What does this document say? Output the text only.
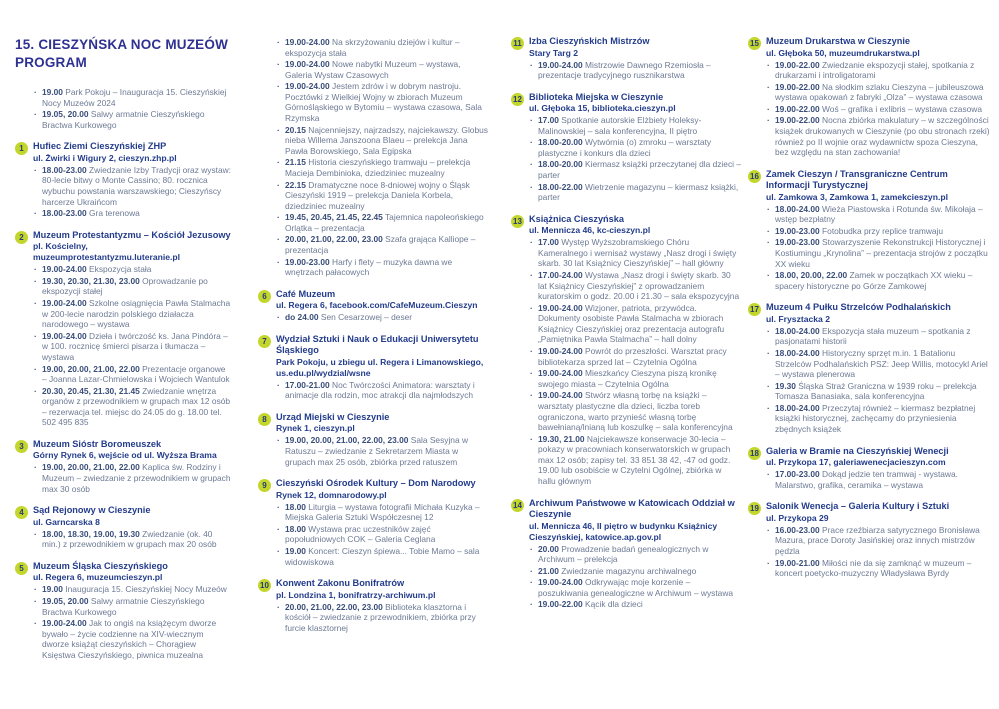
15. CIESZYŃSKA NOC MUZEÓW
PROGRAM
· 19.00 Park Pokoju – Inauguracja 15. Cieszyńskiej Nocy Muzeów 2024
· 19.05, 20.00 Salwy armatnie Cieszyńskiego Bractwa Kurkowego
1	Hufiec Ziemi Cieszyńskiej ZHP
ul. Żwirki i Wigury 2, cieszyn.zhp.pl
· 18.00-23.00 Zwiedzanie Izby Tradycji oraz wystaw: 80-lecie bitwy o Monte Cassino; 80. rocznica wybuchu powstania warszawskiego; Cieszyńscy harcerze Ukraińcom
· 18.00-23.00 Gra terenowa
2	Muzeum Protestantyzmu – Kościół Jezusowy
pl. Kościelny, muzeumprotestantyzmu.luteranie.pl
· 19.00-24.00 Ekspozycja stała
· 19.30, 20.30, 21.30, 23.00 Oprowadzanie po ekspozycji stałej
· 19.00-24.00 Szkolne osiągnięcia Pawła Stalmacha w 200-lecie narodzin polskiego działacza narodowego – wystawa
· 19.00-24.00 Dzieła i twórczość ks. Jana Pindóra – w 100. rocznicę śmierci pisarza i tłumacza – wystawa
· 19.00, 20.00, 21.00, 22.00 Prezentacje organowe – Joanna Lazar-Chmielowska i Wojciech Wantulok
· 20.30, 20.45, 21.30, 21.45 Zwiedzanie wnętrza organów z przewodnikiem w grupach max 12 osób – rezerwacja tel. miejsc do 24.05 do g. 18.00 tel. 502 495 835
3	Muzeum Sióstr Boromeuszek
Górny Rynek 6, wejście od ul. Wyższa Brama
· 19.00, 20.00, 21.00, 22.00 Kaplica św. Rodziny i Muzeum – zwiedzanie z przewodnikiem w grupach max 30 osób
4	Sąd Rejonowy w Cieszynie
ul. Garncarska 8
· 18.00, 18.30, 19.00, 19.30 Zwiedzanie (ok. 40 min.) z przewodnikiem w grupach max 20 osób
5	Muzeum Śląska Cieszyńskiego
ul. Regera 6, muzeumcieszyn.pl
· 19.00 Inauguracja 15. Cieszyńskiej Nocy Muzeów
· 19.05, 20.00 Salwy armatnie Cieszyńskiego Bractwa Kurkowego
· 19.00-24.00 Jak to ongiś na książęcym dworze bywało – życie codzienne na XIV-wiecznym dworze książąt cieszyńskich – Chorągiew Księstwa Cieszyńskiego, piwnica muzealna
· 19.00-24.00 Na skrzyżowaniu dziejów i kultur – ekspozycja stała
· 19.00-24.00 Nowe nabytki Muzeum – wystawa, Galeria Wystaw Czasowych
· 19.00-24.00 Jestem zdrów i w dobrym nastroju. Pocztówki z Wielkiej Wojny w zbiorach Muzeum Górnośląskiego w Bytomiu – wystawa czasowa, Sala Rzymska
· 20.15 Najcenniejszy, najrzadszy, najciekawszy. Globus nieba Willema Janszoona Blaeu – prelekcja Jana Pawła Borowskiego, Sala Egipska
· 21.15 Historia cieszyńskiego tramwaju – prelekcja Macieja Dembinioka, dziedziniec muzealny
· 22.15 Dramatyczne noce 8-dniowej wojny o Śląsk Cieszyński 1919 – prelekcja Daniela Korbela, dziedziniec muzealny
· 19.45, 20.45, 21.45, 22.45 Tajemnica napoleońskiego Orlątka – prezentacja
· 20.00, 21.00, 22.00, 23.00 Szafa grająca Kalliope – prezentacja
· 19.00-23.00 Harfy i flety – muzyka dawna we wnętrzach pałacowych
6	Café Muzeum
ul. Regera 6, facebook.com/CafeMuzeum.Cieszyn
· do 24.00 Sen Cesarzowej – deser
7	Wydział Sztuki i Nauk o Edukacji Uniwersytetu Śląskiego
Park Pokoju, u zbiegu ul. Regera i Limanowskiego, us.edu.pl/wydzial/wsne
· 17.00-21.00 Noc Twórczości Animatora: warsztaty i animacje dla rodzin, moc atrakcji dla najmłodszych
8	Urząd Miejski w Cieszynie
Rynek 1, cieszyn.pl
· 19.00, 20.00, 21.00, 22.00, 23.00 Sala Sesyjna w Ratuszu – zwiedzanie z Sekretarzem Miasta w grupach max 25 osób, zbiórka przed ratuszem
9	Cieszyński Ośrodek Kultury – Dom Narodowy
Rynek 12, domnarodowy.pl
· 18.00 Liturgia – wystawa fotografii Michała Kuzyka – Miejska Galeria Sztuki Współczesnej 12
· 18.00 Wystawa prac uczestników zajęć popołudniowych COK – Galeria Ceglana
· 19.00 Koncert: Cieszyn śpiewa... Tobie Mamo – sala widowiskowa
10 Konwent Zakonu Bonifratrów
pl. Londzina 1, bonifratrzy-archiwum.pl
· 20.00, 21.00, 22.00, 23.00 Biblioteka klasztorna i kościół – zwiedzanie z przewodnikiem, zbiórka przy furcie klasztornej
11 Izba Cieszyńskich Mistrzów
Stary Targ 2
· 19.00-24.00 Mistrzowie Dawnego Rzemiosła – prezentacje tradycyjnego rusznikarstwa
12 Biblioteka Miejska w Cieszynie
ul. Głęboka 15, biblioteka.cieszyn.pl
· 17.00 Spotkanie autorskie Elżbiety Holeksy-Malinowskiej – sala konferencyjna, II piętro
· 18.00-20.00 Wytwórnia (o) zmroku – warsztaty plastyczne i konkurs dla dzieci
· 18.00-20.00 Kiermasz książki przeczytanej dla dzieci – parter
· 18.00-22.00 Wietrzenie magazynu – kiermasz książki, parter
13 Książnica Cieszyńska
ul. Mennicza 46, kc-cieszyn.pl
· 17.00 Występ Wyższobramskiego Chóru Kameralnego i wernisaż wystawy „Nasz drogi i święty skarb. 30 lat Książnicy Cieszyńskiej” – hall główny
· 17.00-24.00 Wystawa „Nasz drogi i święty skarb. 30 lat Książnicy Cieszyńskiej” z oprowadzaniem kuratorskim o godz. 20.00 i 21.30 – sala ekspozycyjna
· 19.00-24.00 Wizjoner, patriota, przywódca. Dokumenty osobiste Pawła Stalmacha w zbiorach Książnicy Cieszyńskiej oraz prezentacja autografu „Pamiętnika Pawła Stalmacha” – hall dolny
· 19.00-24.00 Powrót do przeszłości. Warsztat pracy bibliotekarza sprzed lat – Czytelnia Ogólna
· 19.00-24.00 Mieszkańcy Cieszyna piszą kronikę swojego miasta – Czytelnia Ogólna
· 19.00-24.00 Stwórz własną torbę na książki – warsztaty plastyczne dla dzieci, liczba toreb ograniczona, warto przynieść własną torbę bawełnianą/lnianą lub koszulkę – sala konferencyjna
· 19.30, 21.00 Najciekawsze konserwacje 30-lecia – pokazy w pracowniach konserwatorskich w grupach max 12 osób; zapisy tel. 33 851 38 42, -47 od godz. 19.00 lub osobiście w Czytelni Ogólnej, zbiórka w hallu głównym
14 Archiwum Państwowe w Katowicach Oddział w Cieszynie
ul. Mennicza 46, II piętro w budynku Książnicy Cieszyńskiej, katowice.ap.gov.pl
· 20.00 Prowadzenie badań genealogicznych w Archiwum – prelekcja
· 21.00 Zwiedzanie magazynu archiwalnego
· 19.00-24.00 Odkrywając moje korzenie – poszukiwania genealogiczne w Archiwum – wystawa
· 19.00-22.00 Kącik dla dzieci
15 Muzeum Drukarstwa w Cieszynie
ul. Głęboka 50, muzeumdrukarstwa.pl
· 19.00-22.00 Zwiedzanie ekspozycji stałej, spotkania z drukarzami i introligatorami
· 19.00-22.00 Na słodkim szlaku Cieszyna – jubileuszowa wystawa opakowań z fabryki „Olza” – wystawa czasowa
· 19.00-22.00 Woś – grafika i exlibris – wystawa czasowa
· 19.00-22.00 Nocna zbiórka makulatury – w szczególności książek drukowanych w Cieszynie (po obu stronach rzeki) również po II wojnie oraz wydawnictw spoza Cieszyna, bez względu na stan zachowania!
16 Zamek Cieszyn / Transgraniczne Centrum Informacji Turystycznej
ul. Zamkowa 3, Zamkowa 1, zamekcieszyn.pl
· 18.00-24.00 Wieża Piastowska i Rotunda św. Mikołaja – wstęp bezpłatny
· 19.00-23.00 Fotobudka przy replice tramwaju
· 19.00-23.00 Stowarzyszenie Rekonstrukcji Historycznej i Kostiumingu „Krynolina” – prezentacja strojów z początku XX wieku
· 18.00, 20.00, 22.00 Zamek w początkach XX wieku – spacery historyczne po Górze Zamkowej
17 Muzeum 4 Pułku Strzelców Podhalańskich
ul. Frysztacka 2
· 18.00-24.00 Ekspozycja stała muzeum – spotkania z pasjonatami historii
· 18.00-24.00 Historyczny sprzęt m.in. 1 Batalionu Strzelców Podhalańskich PSZ: Jeep Willis, motocykl Ariel – wystawa plenerowa
· 19.30 Śląska Straż Graniczna w 1939 roku – prelekcja Tomasza Banasiaka, sala konferencyjna
· 18.00-24.00 Przeczytaj również – kiermasz bezpłatnej książki historycznej, zachęcamy do przyniesienia zbędnych książek
18 Galeria w Bramie na Cieszyńskiej Wenecji
ul. Przykopa 17, galeriawenecjacieszyn.com
· 17.00-23.00 Dokąd jedzie ten tramwaj - wystawa. Malarstwo, grafika, ceramika – wystawa
19 Salonik Wenecja – Galeria Kultury i Sztuki
ul. Przykopa 29
· 16.00-23.00 Prace rzeźbiarza satyrycznego Bronisława Mazura, prace Doroty Jasińskiej oraz innych mistrzów pędzla
· 19.00-21.00 Miłości nie da się zamknąć w muzeum – koncert poetycko-muzyczny Władysława Byrdy
